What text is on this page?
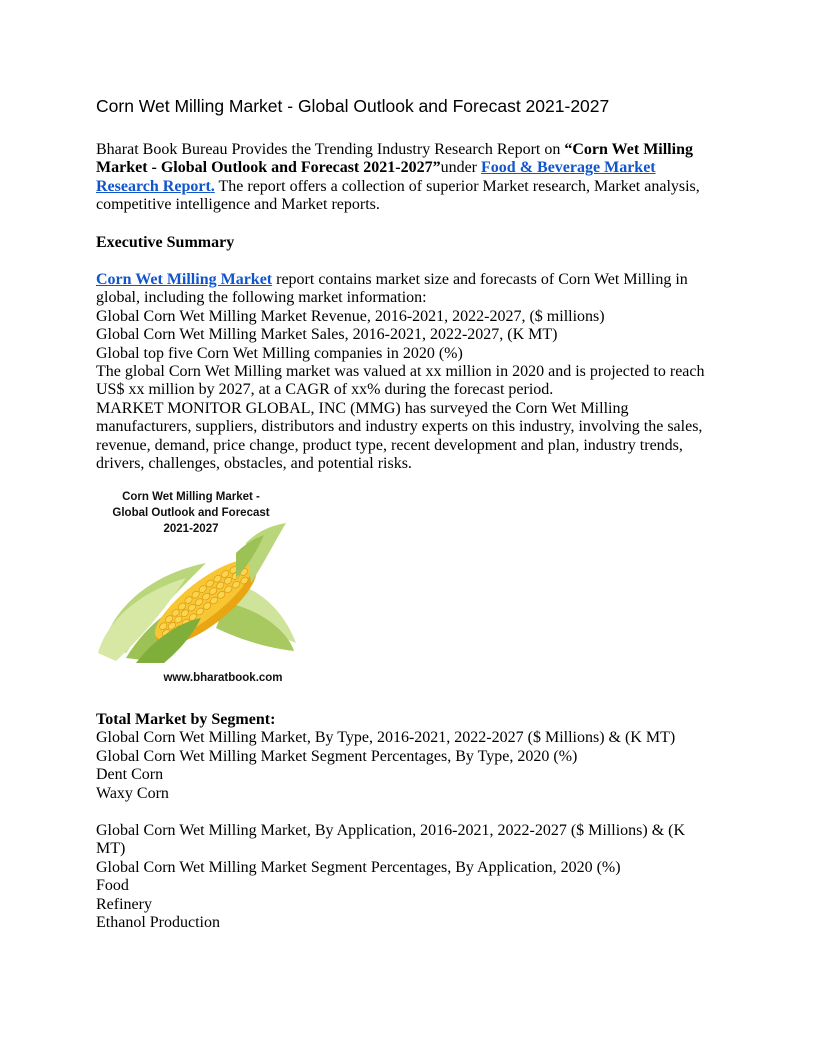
Corn Wet Milling Market - Global Outlook and Forecast 2021-2027

Bharat Book Bureau Provides the Trending Industry Research Report on “Corn Wet Milling Market - Global Outlook and Forecast 2021-2027”under Food & Beverage Market Research Report. The report offers a collection of superior Market research, Market analysis, competitive intelligence and Market reports.

Executive Summary

Corn Wet Milling Market report contains market size and forecasts of Corn Wet Milling in global, including the following market information:

Global Corn Wet Milling Market Revenue, 2016-2021, 2022-2027, ($ millions)
Global Corn Wet Milling Market Sales, 2016-2021, 2022-2027, (K MT)
Global top five Corn Wet Milling companies in 2020 (%)
The global Corn Wet Milling market was valued at xx million in 2020 and is projected to reach US$ xx million by 2027, at a CAGR of xx% during the forecast period.
MARKET MONITOR GLOBAL, INC (MMG) has surveyed the Corn Wet Milling manufacturers, suppliers, distributors and industry experts on this industry, involving the sales, revenue, demand, price change, product type, recent development and plan, industry trends, drivers, challenges, obstacles, and potential risks.
Total Market by Segment:
Global Corn Wet Milling Market, By Type, 2016-2021, 2022-2027 ($ Millions) & (K MT)
Global Corn Wet Milling Market Segment Percentages, By Type, 2020 (%)
Dent Corn
Waxy Corn
Global Corn Wet Milling Market, By Application, 2016-2021, 2022-2027 ($ Millions) & (K MT)
Global Corn Wet Milling Market Segment Percentages, By Application, 2020 (%)
Food
Refinery
Ethanol Production
Corn Wet Milling Market -
Global Outlook and Forecast
2021-2027
www.bharatbook.com
